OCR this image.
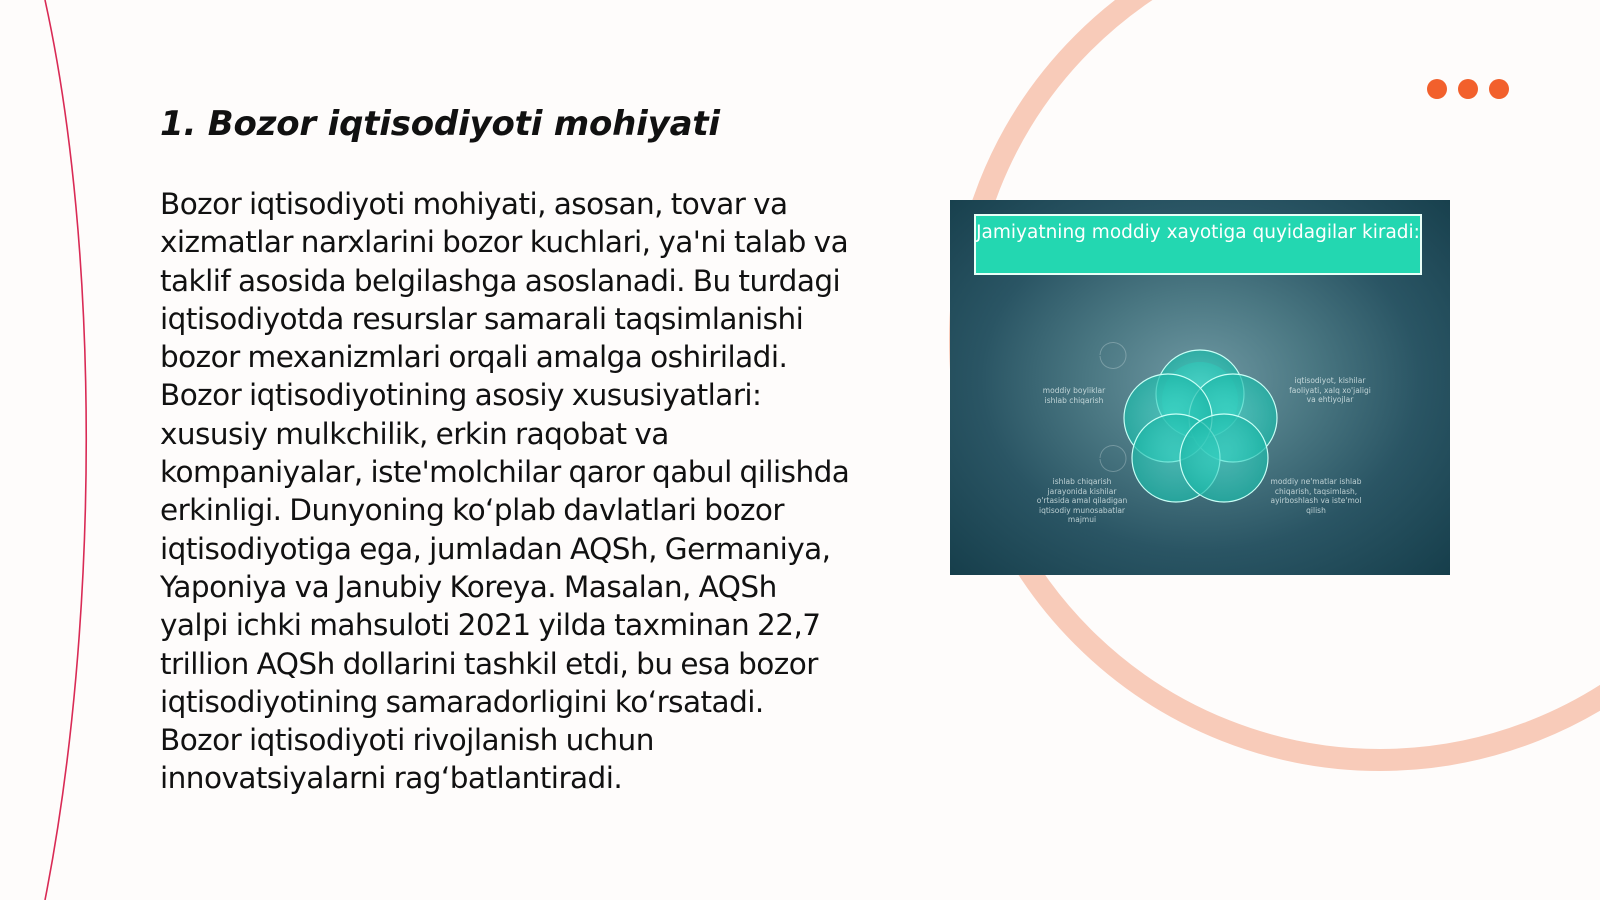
1. Bozor iqtisodiyoti mohiyati

Bozor iqtisodiyoti mohiyati, asosan, tovar va xizmatlar narxlarini bozor kuchlari, ya'ni talab va taklif asosida belgilashga asoslanadi. Bu turdagi iqtisodiyotda resurslar samarali taqsimlanishi bozor mexanizmlari orqali amalga oshiriladi. Bozor iqtisodiyotining asosiy xususiyatlari: xususiy mulkchilik, erkin raqobat va kompaniyalar, iste'molchilar qaror qabul qilishda erkinligi. Dunyoning ko‘plab davlatlari bozor iqtisodiyotiga ega, jumladan AQSh, Germaniya, Yaponiya va Janubiy Koreya. Masalan, AQSh yalpi ichki mahsuloti 2021 yilda taxminan 22,7 trillion AQSh dollarini tashkil etdi, bu esa bozor iqtisodiyotining samaradorligini ko‘rsatadi. Bozor iqtisodiyoti rivojlanish uchun innovatsiyalarni rag‘batlantiradi.

Jamiyatning moddiy xayotiga quyidagilar kiradi:
moddiy boyliklar ishlab chiqarish
iqtisodiyot, kishilar faoliyati, xalq xo'jaligi va ehtiyojlar
ishlab chiqarish jarayonida kishilar o'rtasida amal qiladigan iqtisodiy munosabatlar majmui
moddiy ne'matlar ishlab chiqarish, taqsimlash, ayirboshlash va iste'mol qilish
